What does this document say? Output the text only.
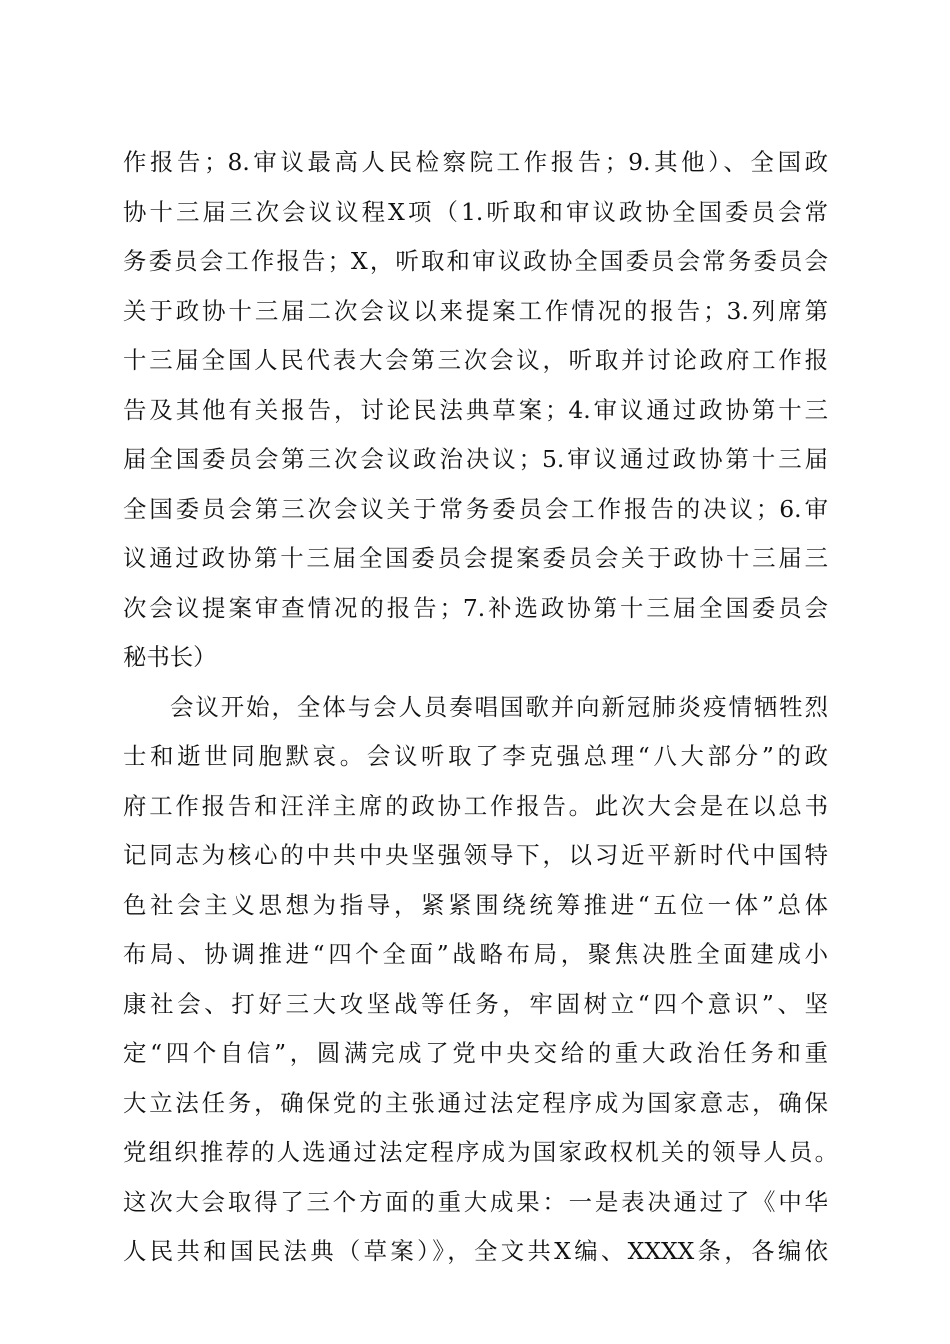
作报告；8.审议最高人民检察院工作报告；9.其他）、全国政

协十三届三次会议议程X项（1.听取和审议政协全国委员会常

务委员会工作报告；X，听取和审议政协全国委员会常务委员会

关于政协十三届二次会议以来提案工作情况的报告；3.列席第

十三届全国人民代表大会第三次会议，听取并讨论政府工作报

告及其他有关报告，讨论民法典草案；4.审议通过政协第十三

届全国委员会第三次会议政治决议；5.审议通过政协第十三届

全国委员会第三次会议关于常务委员会工作报告的决议；6.审

议通过政协第十三届全国委员会提案委员会关于政协十三届三

次会议提案审查情况的报告；7.补选政协第十三届全国委员会

秘书长）

会议开始，全体与会人员奏唱国歌并向新冠肺炎疫情牺牲烈

士和逝世同胞默哀。会议听取了李克强总理“八大部分”的政

府工作报告和汪洋主席的政协工作报告。此次大会是在以总书

记同志为核心的中共中央坚强领导下，以习近平新时代中国特

色社会主义思想为指导，紧紧围绕统筹推进“五位一体”总体

布局、协调推进“四个全面”战略布局，聚焦决胜全面建成小

康社会、打好三大攻坚战等任务，牢固树立“四个意识”、坚

定“四个自信”，圆满完成了党中央交给的重大政治任务和重

大立法任务，确保党的主张通过法定程序成为国家意志，确保

党组织推荐的人选通过法定程序成为国家政权机关的领导人员。

这次大会取得了三个方面的重大成果：一是表决通过了《中华

人民共和国民法典（草案）》，全文共X编、XXXX条，各编依
